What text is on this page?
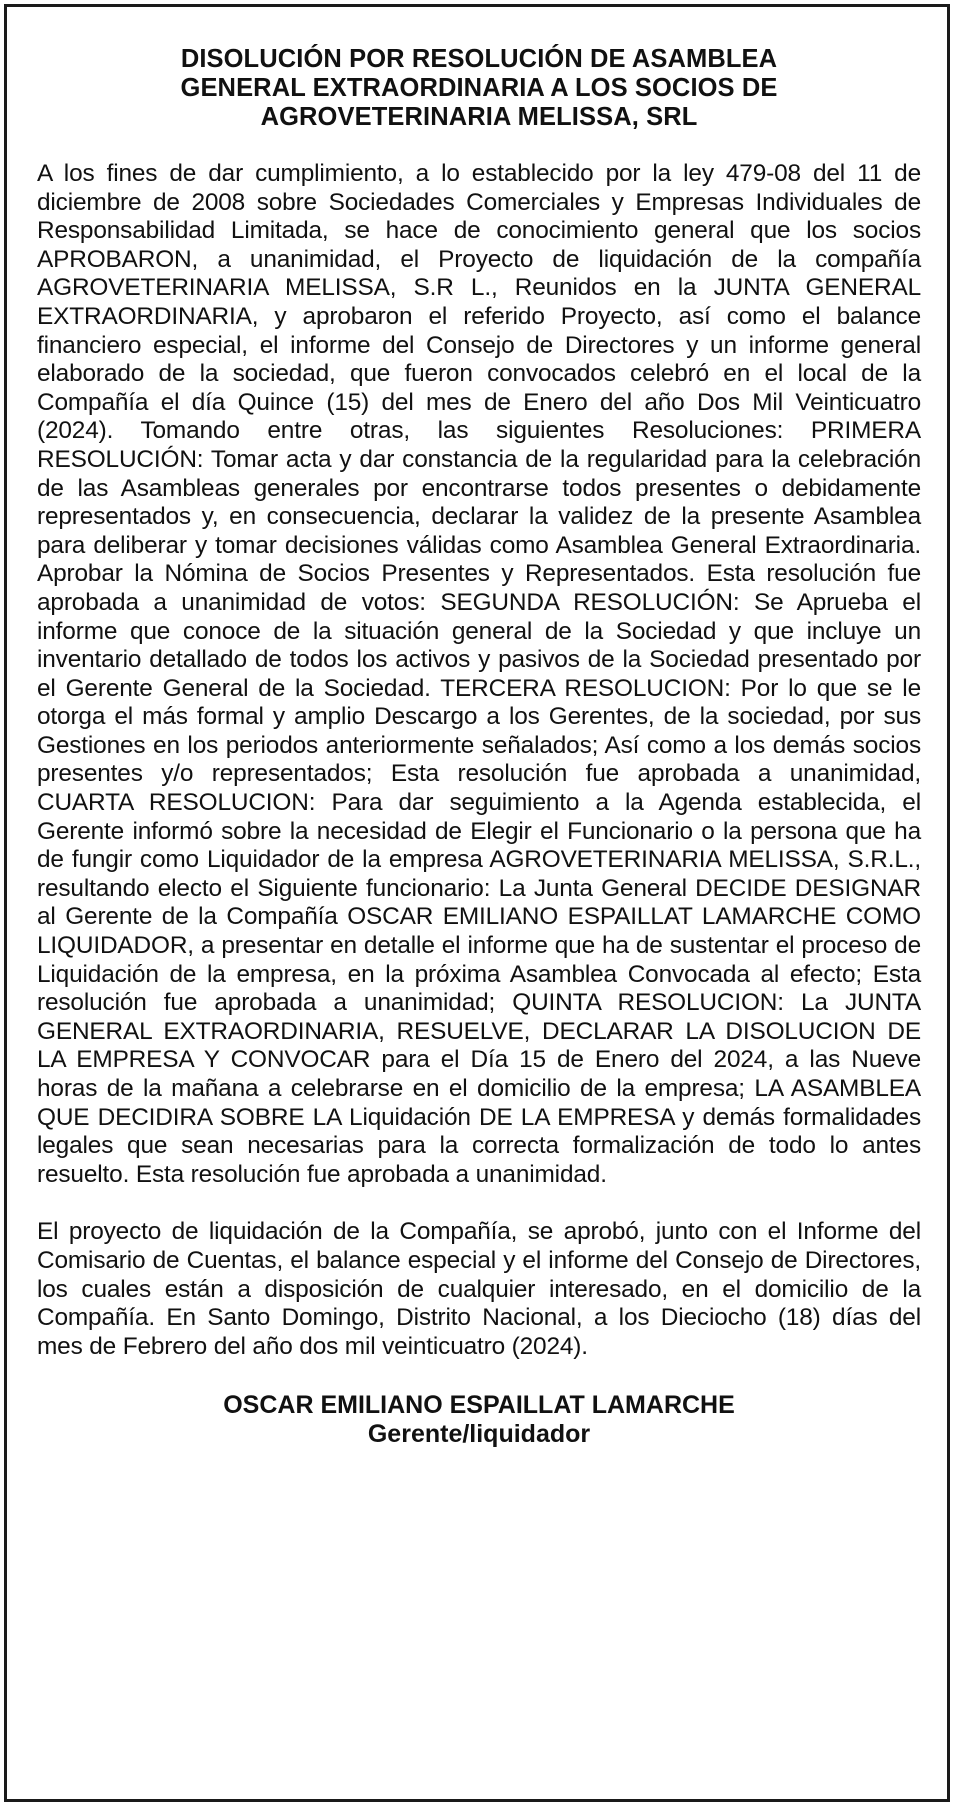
DISOLUCIÓN POR RESOLUCIÓN DE ASAMBLEA
GENERAL EXTRAORDINARIA A LOS SOCIOS DE
AGROVETERINARIA MELISSA, SRL

A los fines de dar cumplimiento, a lo establecido por la ley 479-08 del 11 de diciembre de 2008 sobre Sociedades Comerciales y Empresas Individuales de Responsabilidad Limitada, se hace de conocimiento general que los socios APROBARON, a unanimidad, el Proyecto de liquidación de la compañía AGROVETERINARIA MELISSA, S.R L., Reunidos en la JUNTA GENERAL EXTRAORDINARIA, y aprobaron el referido Proyecto, así como el balance financiero especial, el informe del Consejo de Directores y un informe general elaborado de la sociedad, que fueron convocados celebró en el local de la Compañía el día Quince (15) del mes de Enero del año Dos Mil Veinticuatro (2024). Tomando entre otras, las siguientes Resoluciones: PRIMERA RESOLUCIÓN: Tomar acta y dar constancia de la regularidad para la celebración de las Asambleas generales por encontrarse todos presentes o debidamente representados y, en consecuencia, declarar la validez de la presente Asamblea para deliberar y tomar decisiones válidas como Asamblea General Extraordinaria. Aprobar la Nómina de Socios Presentes y Representados. Esta resolución fue aprobada a unanimidad de votos: SEGUNDA RESOLUCIÓN: Se Aprueba el informe que conoce de la situación general de la Sociedad y que incluye un inventario detallado de todos los activos y pasivos de la Sociedad presentado por el Gerente General de la Sociedad. TERCERA RESOLUCION: Por lo que se le otorga el más formal y amplio Descargo a los Gerentes, de la sociedad, por sus Gestiones en los periodos anteriormente señalados; Así como a los demás socios presentes y/o representados; Esta resolución fue aprobada a unanimidad, CUARTA RESOLUCION: Para dar seguimiento a la Agenda establecida, el Gerente informó sobre la necesidad de Elegir el Funcionario o la persona que ha de fungir como Liquidador de la empresa AGROVETERINARIA MELISSA, S.R.L., resultando electo el Siguiente funcionario: La Junta General DECIDE DESIGNAR al Gerente de la Compañía OSCAR EMILIANO ESPAILLAT LAMARCHE COMO LIQUIDADOR, a presentar en detalle el informe que ha de sustentar el proceso de Liquidación de la empresa, en la próxima Asamblea Convocada al efecto; Esta resolución fue aprobada a unanimidad; QUINTA RESOLUCION: La JUNTA GENERAL EXTRAORDINARIA, RESUELVE, DECLARAR LA DISOLUCION DE LA EMPRESA Y CONVOCAR para el Día 15 de Enero del 2024, a las Nueve horas de la mañana a celebrarse en el domicilio de la empresa; LA ASAMBLEA QUE DECIDIRA SOBRE LA Liquidación DE LA EMPRESA y demás formalidades legales que sean necesarias para la correcta formalización de todo lo antes resuelto. Esta resolución fue aprobada a unanimidad.

El proyecto de liquidación de la Compañía, se aprobó, junto con el Informe del Comisario de Cuentas, el balance especial y el informe del Consejo de Directores, los cuales están a disposición de cualquier interesado, en el domicilio de la Compañía. En Santo Domingo, Distrito Nacional, a los Dieciocho (18) días del mes de Febrero del año dos mil veinticuatro (2024).

OSCAR EMILIANO ESPAILLAT LAMARCHE
Gerente/liquidador
